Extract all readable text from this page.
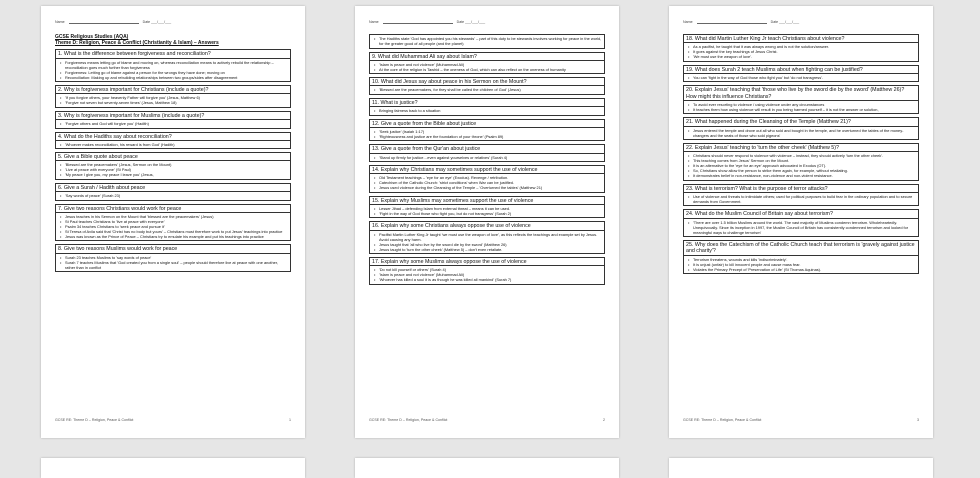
Name	Date ___/___/___
GCSE Religious Studies (AQA)
Theme D: Religion, Peace & Conflict (Christianity & Islam) – Answers
1. What is the difference between forgiveness and reconciliation?
• Forgiveness means letting go of blame and moving on, whereas reconciliation means to actively rebuild the relationship – reconciliation goes much further than forgiveness
• Forgiveness: Letting go of blame against a person for the wrongs they have done; moving on
• Reconciliation: Making up and rebuilding relationships between two groups/sides after disagreement
2. Why is forgiveness important for Christians (include a quote)?
• 'If you forgive others, your heavenly Father will forgive you' (Jesus, Matthew 6)
• 'Forgive not seven but seventy-seven times' (Jesus, Matthew 18)
3. Why is forgiveness important for Muslims (include a quote)?
• 'Forgive others and God will forgive you' (Hadith)
4. What do the Hadiths say about reconciliation?
• 'Whoever makes reconciliation, his reward is from God' (Hadith)
5. Give a Bible quote about peace
• 'Blessed are the peacemakers' (Jesus, Sermon on the Mount)
• 'Live at peace with everyone' (St Paul)
• 'My peace I give you, my peace I leave you' (Jesus,
6. Give a Surah / Hadith about peace
• 'Say words of peace' (Surah 23)
7. Give two reasons Christians would work for peace
• Jesus teaches in his Sermon on the Mount that 'blessed are the peacemakers' (Jesus)
• St Paul teaches Christians to 'live at peace with everyone'
• Psalm 34 teaches Christians to 'seek peace and pursue it'
• St Teresa of Avila said that 'Christ has no body but yours' – Christians must therefore work to put Jesus' teachings into practice
• Jesus was known as the Prince of Peace – Christians try to emulate his example and put his teachings into practice
8. Give two reasons Muslims would work for peace
• Surah 23 teaches Muslims to 'say words of peace'
• Surah 7 teaches Muslims that 'God created you from a single soul' – people should therefore live at peace with one another, rather than in conflict
GCSE RE: Theme D – Religion, Peace & Conflict	1
Name	Date ___/___/___
• The Hadiths state 'God has appointed you his stewards' – part of this duty to be stewards involves working for peace in the world, for the greater good of all people (and the planet)
9. What did Muhammad Ali say about Islam?
• 'Islam is peace and not violence' (Muhammad Ali)
• At the core of the religion is Tawhid – the oneness of God, which can also reflect on the oneness of humanity
10. What did Jesus say about peace in his Sermon on the Mount?
• 'Blessed are the peacemakers, for they shall be called the children of God' (Jesus)
11. What is justice?
• Bringing fairness back to a situation
12. Give a quote from the Bible about justice
• 'Seek justice' (Isaiah 1:17)
• 'Righteousness and justice are the foundation of your throne' (Psalm 89)
13. Give a quote from the Qur'an about justice
• 'Stand up firmly for justice…even against yourselves or relatives' (Surah 4)
14. Explain why Christians may sometimes support the use of violence
• Old Testament teachings – 'eye for an eye' (Exodus). Revenge / retribution.
• Catechism of the Catholic Church: 'strict conditions' when War can be justified.
• Jesus used violence during the Cleansing of the Temple – 'Overturned the tables' (Matthew 21)
15. Explain why Muslims may sometimes support the use of violence
• Lesser Jihad – defending Islam from external threat – means it can be used.
• 'Fight in the way of God those who fight you, but do not transgress' (Surah 2)
16. Explain why some Christians always oppose the use of violence
• Pacifist Martin Luther King Jr taught 'we must use the weapon of love', as this reflects the teachings and example set by Jesus. Avoid causing any harm.
• Jesus taught that 'all who live by the sword die by the sword' (Matthew 26)
• Jesus taught to 'turn the other cheek' (Matthew 5) – don't even retaliate.
17. Explain why some Muslims always oppose the use of violence
• 'Do not kill yourself or others' (Surah 4)
• 'Islam is peace and not violence' (Muhammad Ali)
• 'Whoever has killed a soul it is as though he was killed all mankind' (Surah 7)
GCSE RE: Theme D – Religion, Peace & Conflict	2
Name	Date ___/___/___
18. What did Martin Luther King Jr teach Christians about violence?
• As a pacifist, he taught that it was always wrong and is not the solution/answer.
• It goes against the key teachings of Jesus Christ.
• 'We must use the weapon of love'.
19. What does Surah 2 teach Muslims about when fighting can be justified?
• You can 'fight in the way of God those who fight you' but 'do not transgress'.
20. Explain Jesus' teaching that 'those who live by the sword die by the sword' (Matthew 26)? How might this influence Christians?
• To avoid ever resorting to violence / using violence under any circumstances
• It teaches them how using violence will result in you being harmed yourself – it is not the answer or solution,
21. What happened during the Cleansing of the Temple (Matthew 21)?
• Jesus entered the temple and drove out all who sold and bought in the temple, and he overturned the tables of the money-changers and the seats of those who sold pigeons'
22. Explain Jesus' teaching to 'turn the other cheek' (Matthew 5)?
• Christians should never respond to violence with violence – instead, they should actively 'turn the other cheek'.
• This teaching comes from Jesus' Sermon on the Mount.
• It is an alternative to the 'eye for an eye' approach advocated in Exodus (OT).
• So, Christians show allow the person to strike them again, for example, without retaliating.
• It demonstrates belief in non-resistance, non-violence and non-violent resistance.
23. What is terrorism? What is the purpose of terror attacks?
• Use of violence and threats to intimidate others; used for political purposes to build fear in the ordinary population and to secure demands from Government.
24. What do the Muslim Council of Britain say about terrorism?
• 'There are over 1.5 billion Muslims around the world. The vast majority of Muslims condemn terrorism. Wholeheartedly. Unequivocally. Since its inception in 1997, the Muslim Council of Britain has consistently condemned terrorism and looked for meaningful ways to challenge terrorism'
25. Why does the Catechism of the Catholic Church teach that terrorism is 'gravely against justice and charity'?
• Terrorism threatens, wounds and kills 'indiscriminately'.
• It is unjust (unfair) to kill innocent people and cause mass fear.
• Violates the Primary Precept of 'Preservation of Life' (St Thomas Aquinas).
GCSE RE: Theme D – Religion, Peace & Conflict	3
